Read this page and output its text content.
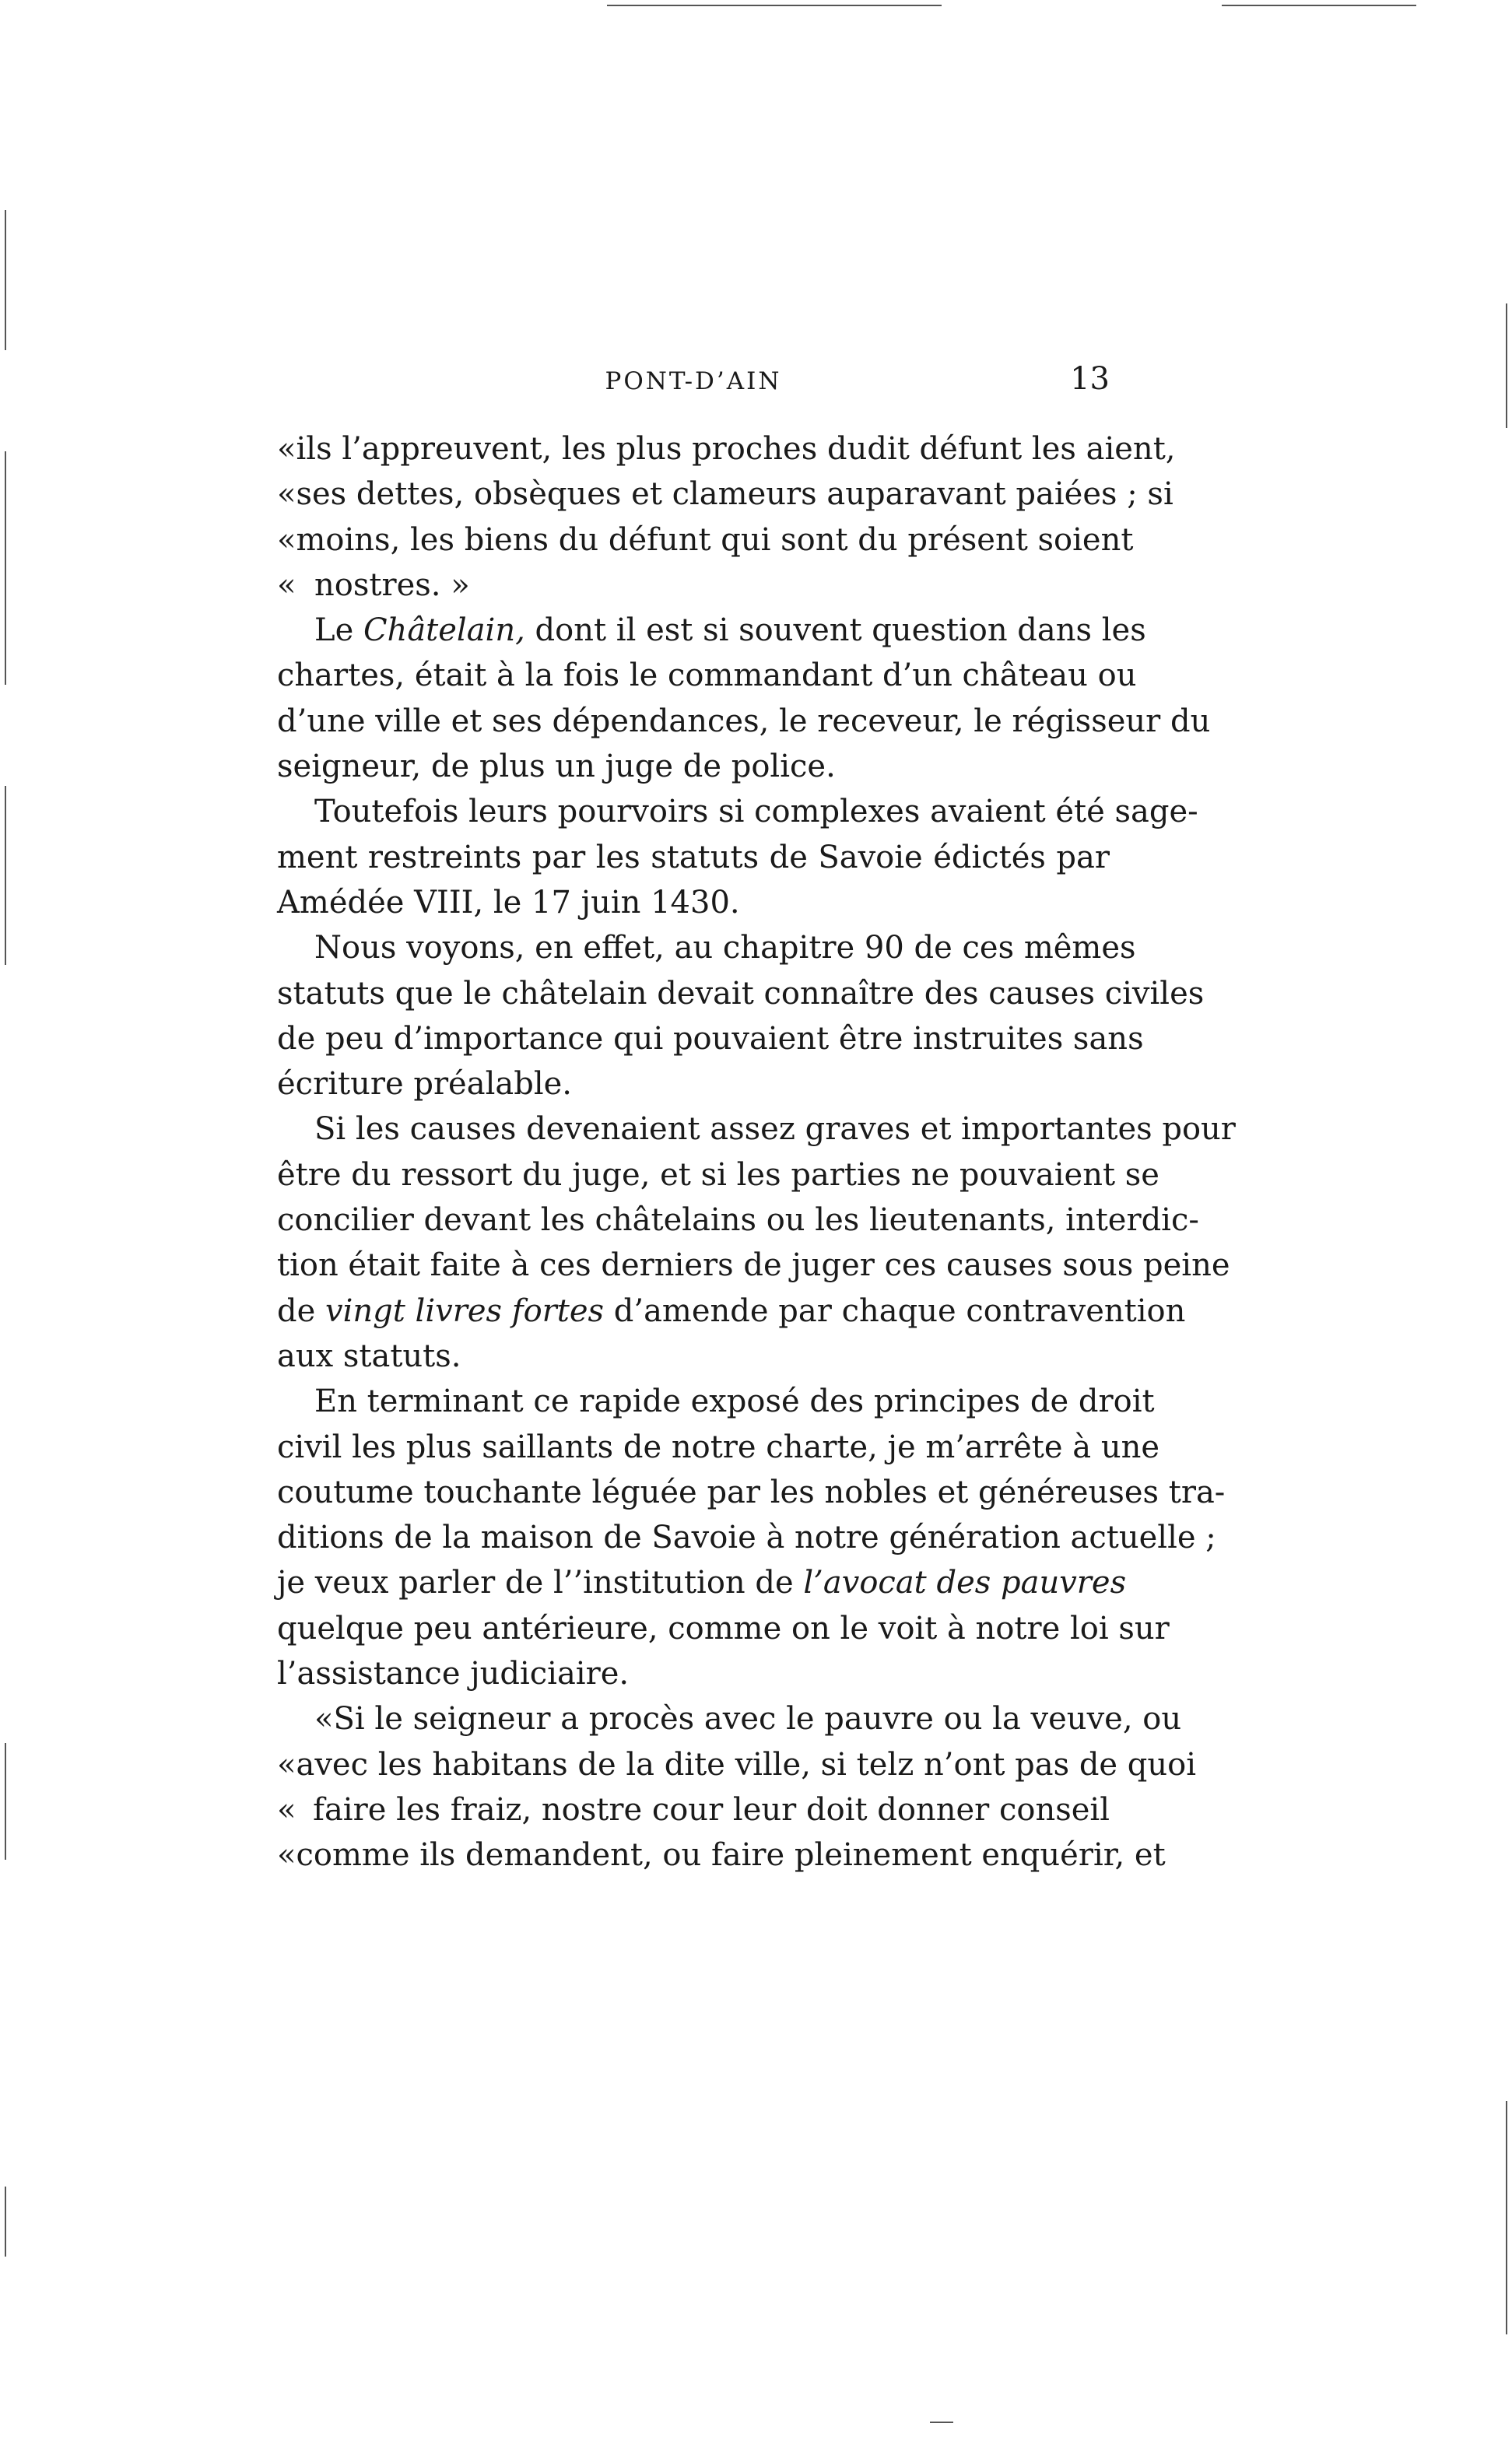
PONT-D’AIN	13
« ils l’appreuvent, les plus proches dudit défunt les aient,
« ses dettes, obsèques et clameurs auparavant paiées ; si
« moins, les biens du défunt qui sont du présent soient
« nostres. »
Le Châtelain, dont il est si souvent question dans les
chartes, était à la fois le commandant d’un château ou
d’une ville et ses dépendances, le receveur, le régisseur du
seigneur, de plus un juge de police.
Toutefois leurs pourvoirs si complexes avaient été sage-
ment restreints par les statuts de Savoie édictés par
Amédée VIII, le 17 juin 1430.
Nous voyons, en effet, au chapitre 90 de ces mêmes
statuts que le châtelain devait connaître des causes civiles
de peu d’importance qui pouvaient être instruites sans
écriture préalable.
Si les causes devenaient assez graves et importantes pour
être du ressort du juge, et si les parties ne pouvaient se
concilier devant les châtelains ou les lieutenants, interdic-
tion était faite à ces derniers de juger ces causes sous peine
de vingt livres fortes d’amende par chaque contravention
aux statuts.
En terminant ce rapide exposé des principes de droit
civil les plus saillants de notre charte, je m’arrête à une
coutume touchante léguée par les nobles et généreuses tra-
ditions de la maison de Savoie à notre génération actuelle ;
je veux parler de l’’institution de l’avocat des pauvres
quelque peu antérieure, comme on le voit à notre loi sur
l’assistance judiciaire.
« Si le seigneur a procès avec le pauvre ou la veuve, ou
« avec les habitans de la dite ville, si telz n’ont pas de quoi
« faire les fraiz, nostre cour leur doit donner conseil
« comme ils demandent, ou faire pleinement enquérir, et
